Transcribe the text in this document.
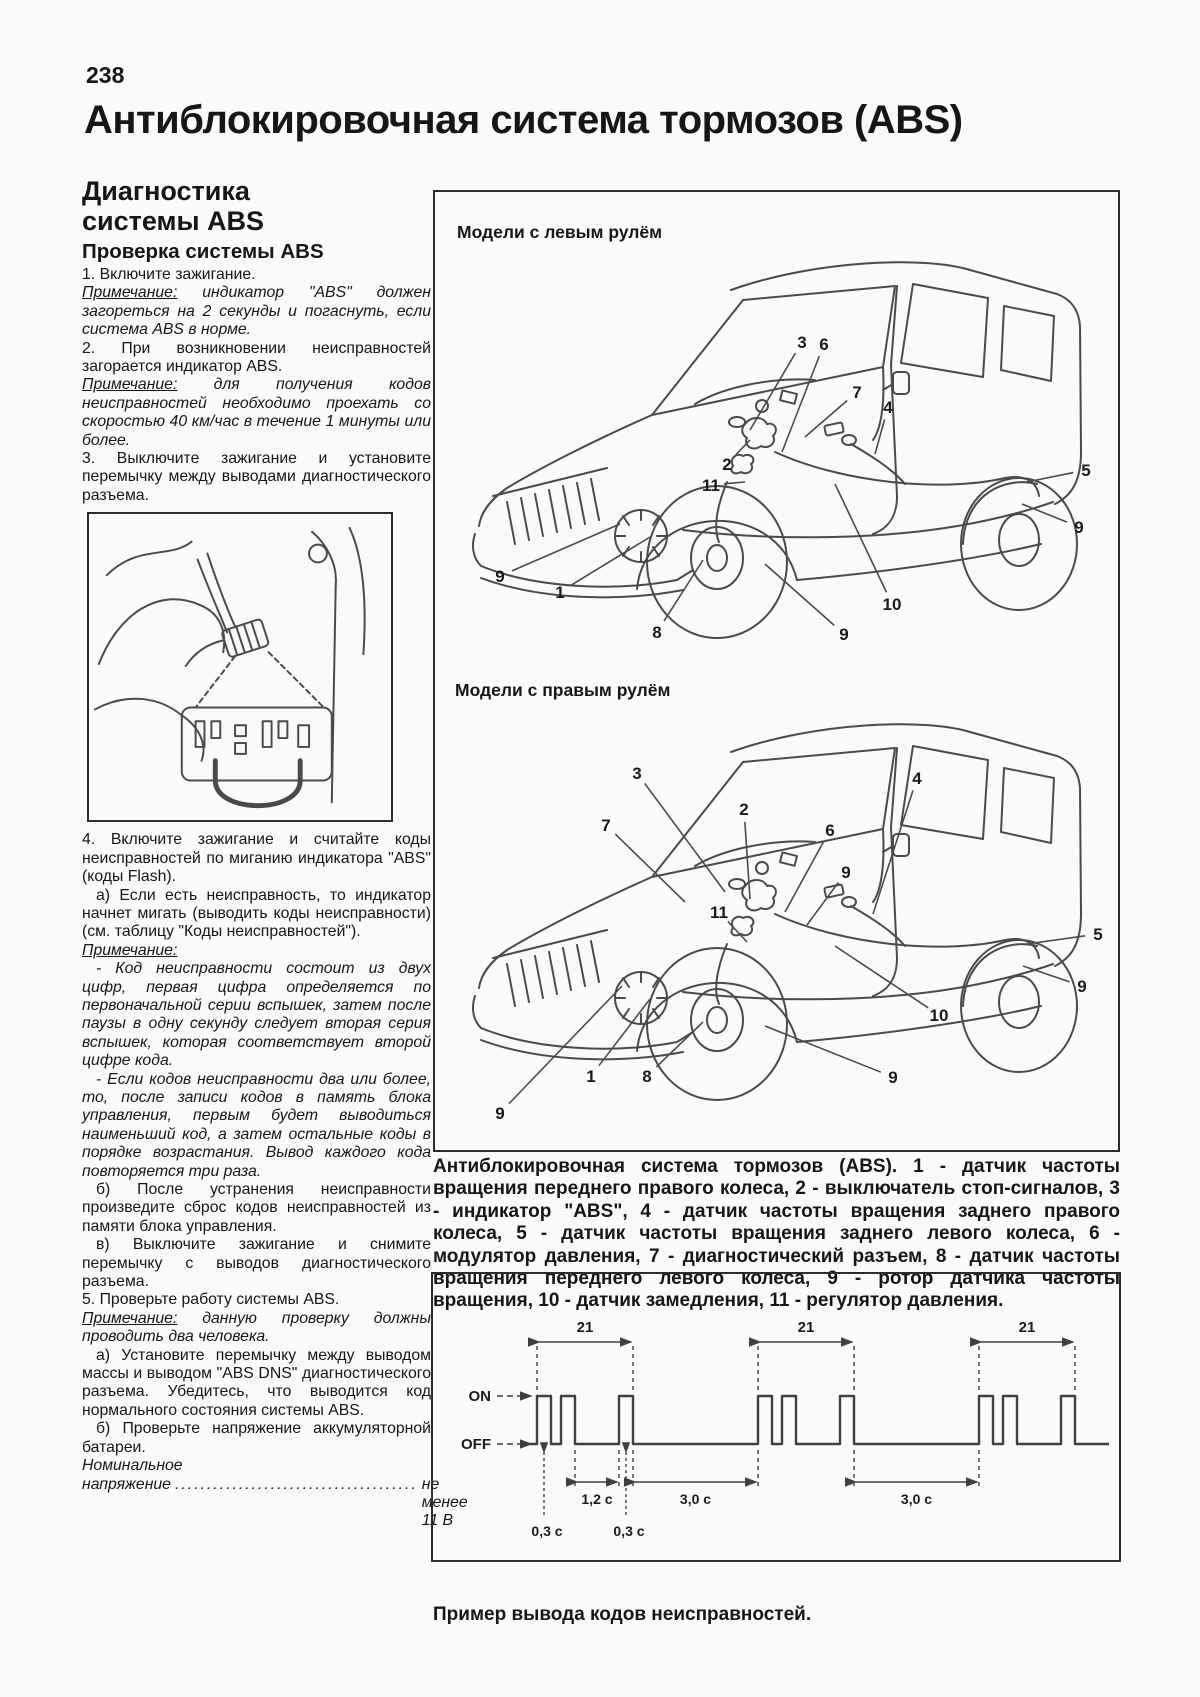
238
Антиблокировочная система тормозов (ABS)
Диагностика
системы ABS
Проверка системы ABS

1. Включите зажигание.

Примечание: индикатор "ABS" должен загореться на 2 секунды и погаснуть, если система ABS в норме.

2. При возникновении неисправностей загорается индикатор ABS.

Примечание: для получения кодов неисправностей необходимо проехать со скоростью 40 км/час в течение 1 минуты или более.

3. Выключите зажигание и установите перемычку между выводами диагностического разъема.

4. Включите зажигание и считайте коды неисправностей по миганию индикатора "ABS" (коды Flash).

а) Если есть неисправность, то индикатор начнет мигать (выводить коды неисправности) (см. таблицу "Коды неисправностей").

Примечание:

- Код неисправности состоит из двух цифр, первая цифра определяется по первоначальной серии вспышек, затем после паузы в одну секунду следует вторая серия вспышек, которая соответствует второй цифре кода.

- Если кодов неисправности два или более, то, после записи кодов в память блока управления, первым будет выводиться наименьший код, а затем остальные коды в порядке возрастания. Вывод каждого кода повторяется три раза.

б) После устранения неисправности произведите сброс кодов неисправностей из памяти блока управления.

в) Выключите зажигание и снимите перемычку с выводов диагностического разъема.

5. Проверьте работу системы ABS.

Примечание: данную проверку должны проводить два человека.

а) Установите перемычку между выводом массы и выводом "ABS DNS" диагностического разъема. Убедитесь, что выводится код нормального состояния системы ABS.

б) Проверьте напряжение аккумуляторной батареи.

Номинальное
напряжение ...................................... не менее 11 В
Модели с левым рулём
Модели с правым рулём
3 6
7
4
2
11
9
1
8	9
10
5
9
3
7
2
6
9
4
11
9
1	8	9
10
5
9
Антиблокировочная система тормозов (ABS). 1 - датчик частоты вращения переднего правого колеса, 2 - выключатель стоп-сигналов, 3 - индикатор "ABS", 4 - датчик частоты вращения заднего правого колеса, 5 - датчик частоты вращения заднего левого колеса, 6 - модулятор давления, 7 - диагностический разъем, 8 - датчик частоты вращения переднего левого колеса, 9 - ротор датчика частоты вращения, 10 - датчик замедления, 11 - регулятор давления.
ON
OFF
21	21	21
1,2 с	3,0 с	3,0 с
0,3 с	0,3 с
Пример вывода кодов неисправностей.
